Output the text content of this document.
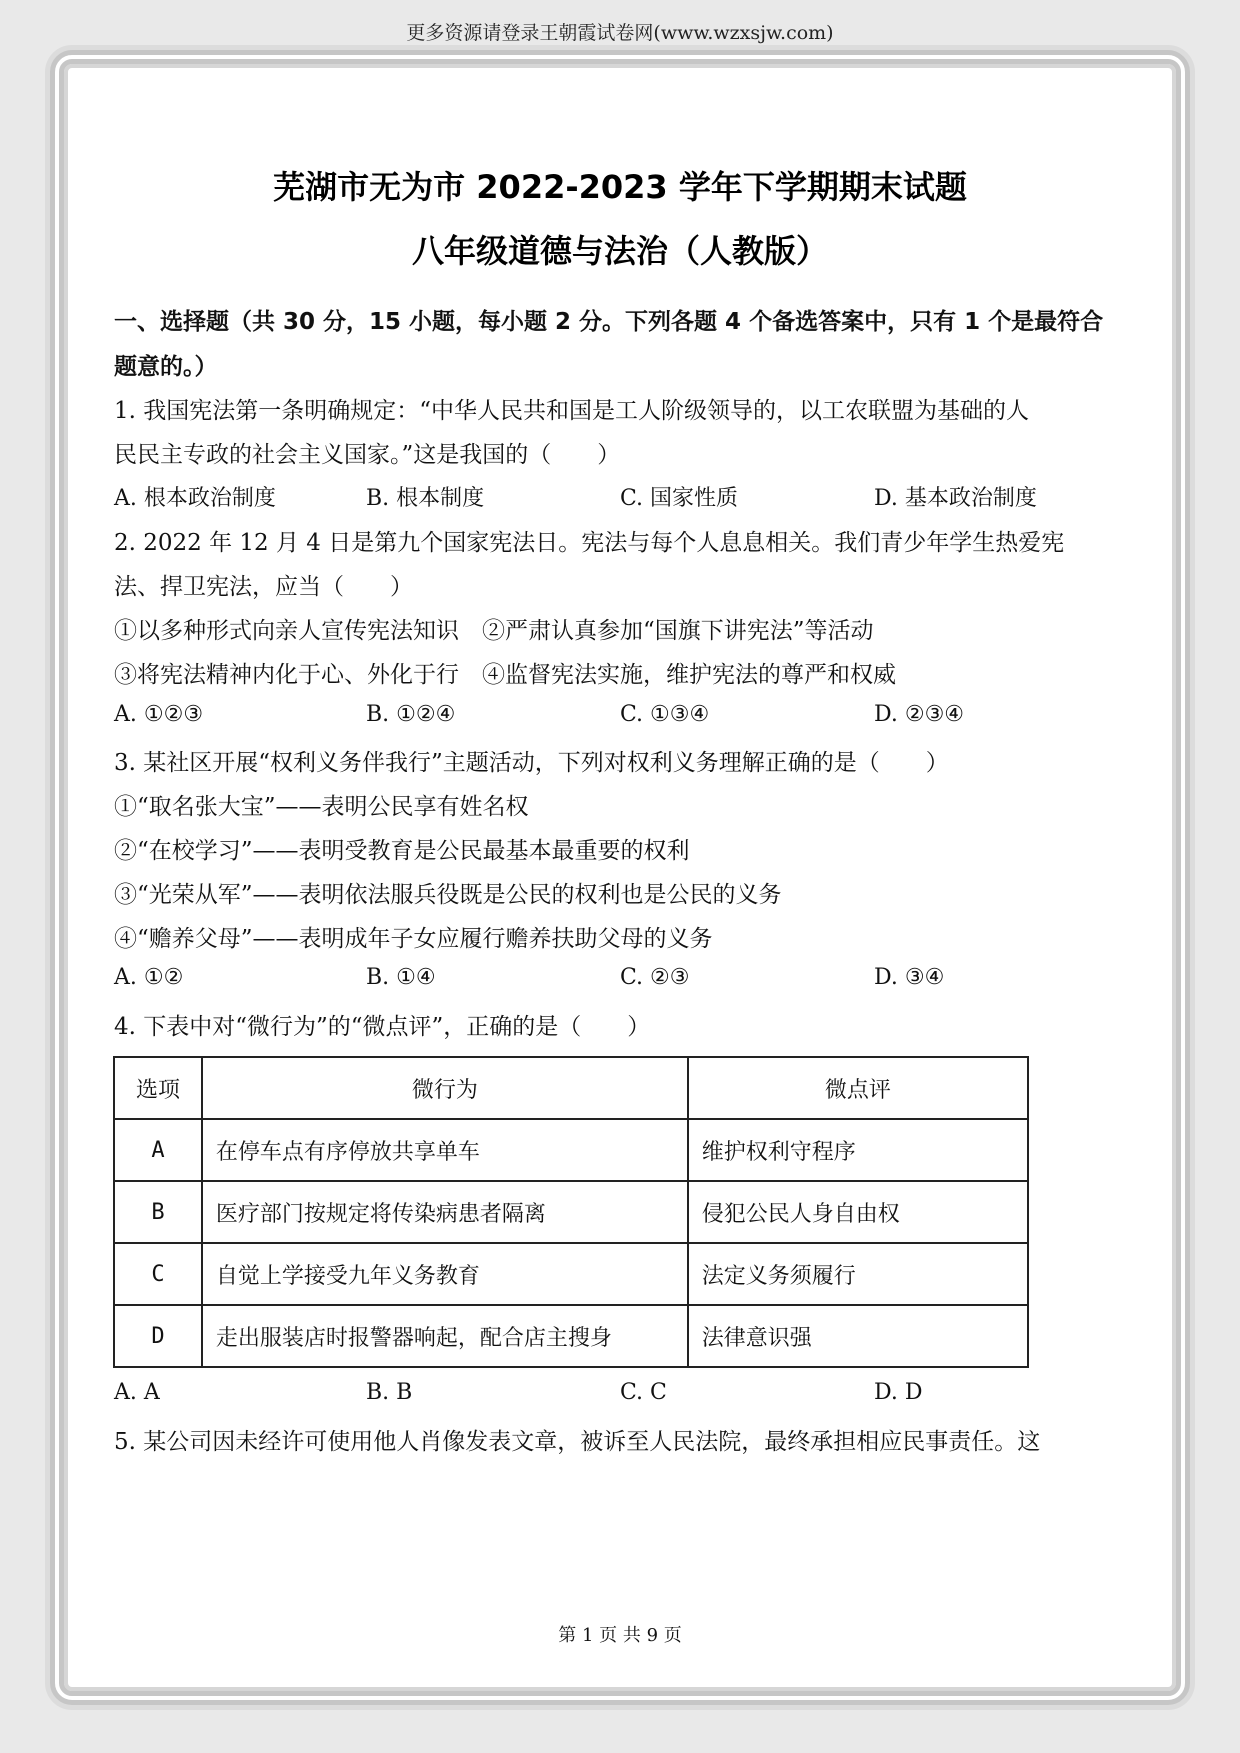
更多资源请登录王朝霞试卷网(www.wzxsjw.com)
芜湖市无为市 2022-2023 学年下学期期末试题
八年级道德与法治（人教版）
一、选择题（共 30 分，15 小题，每小题 2 分。下列各题 4 个备选答案中，只有 1 个是最符合
题意的。）
1. 我国宪法第一条明确规定：“中华人民共和国是工人阶级领导的，以工农联盟为基础的人
民民主专政的社会主义国家。”这是我国的（　　）
A. 根本政治制度	B. 根本制度	C. 国家性质	D. 基本政治制度
2. 2022 年 12 月 4 日是第九个国家宪法日。宪法与每个人息息相关。我们青少年学生热爱宪
法、捍卫宪法，应当（　　）
①以多种形式向亲人宣传宪法知识　②严肃认真参加“国旗下讲宪法”等活动
③将宪法精神内化于心、外化于行　④监督宪法实施，维护宪法的尊严和权威
A. ①②③	B. ①②④	C. ①③④	D. ②③④
3. 某社区开展“权利义务伴我行”主题活动，下列对权利义务理解正确的是（　　）
①“取名张大宝”——表明公民享有姓名权
②“在校学习”——表明受教育是公民最基本最重要的权利
③“光荣从军”——表明依法服兵役既是公民的权利也是公民的义务
④“赡养父母”——表明成年子女应履行赡养扶助父母的义务
A. ①②	B. ①④	C. ②③	D. ③④
4. 下表中对“微行为”的“微点评”，正确的是（　　）
选项	微行为	微点评
A	在停车点有序停放共享单车	维护权利守程序
B	医疗部门按规定将传染病患者隔离	侵犯公民人身自由权
C	自觉上学接受九年义务教育	法定义务须履行
D	走出服装店时报警器响起，配合店主搜身	法律意识强
A. A	B. B	C. C	D. D
5. 某公司因未经许可使用他人肖像发表文章，被诉至人民法院，最终承担相应民事责任。这
第 1 页 共 9 页
